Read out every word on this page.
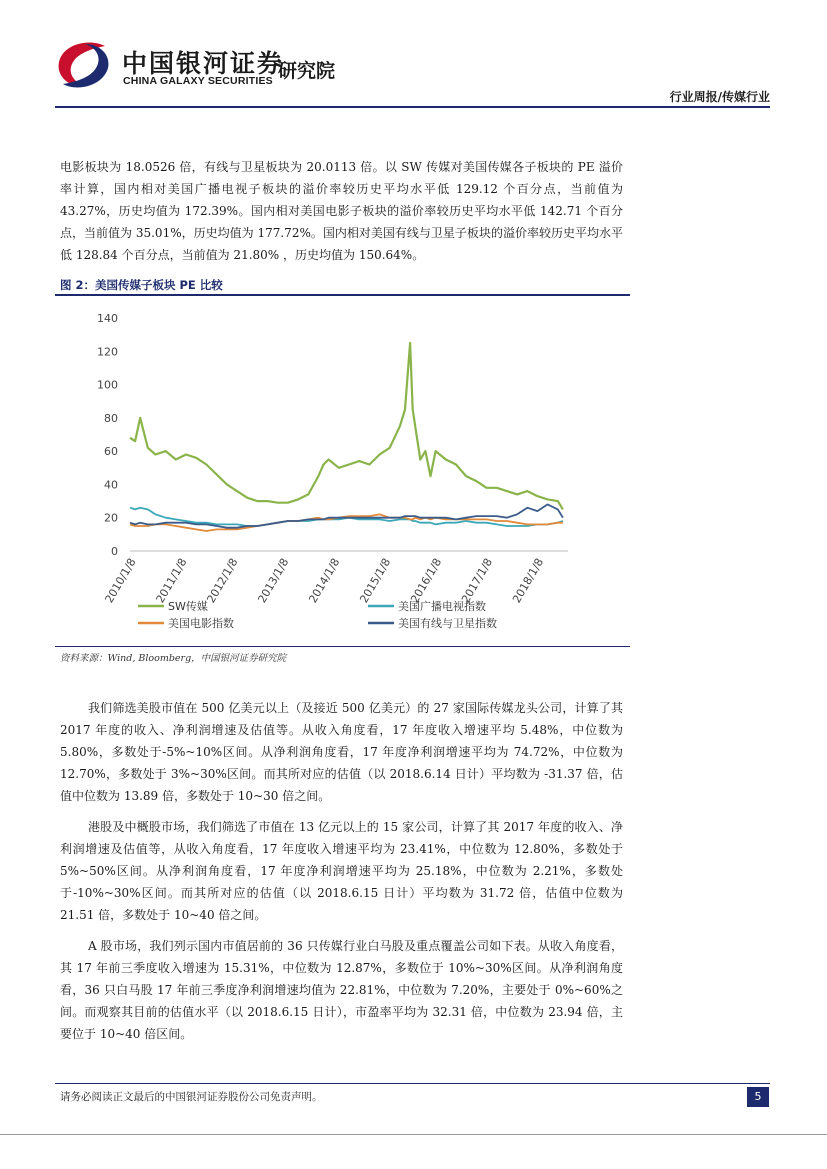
中国银河证券
CHINA GALAXY SECURITIES 研究院
行业周报/传媒行业
电影板块为 18.0526 倍，有线与卫星板块为 20.0113 倍。以 SW 传媒对美国传媒各子板块的 PE 溢价率计算，国内相对美国广播电视子板块的溢价率较历史平均水平低 129.12 个百分点，当前值为 43.27%，历史均值为 172.39%。国内相对美国电影子板块的溢价率较历史平均水平低 142.71 个百分点，当前值为 35.01%，历史均值为 177.72%。国内相对美国有线与卫星子板块的溢价率较历史平均水平低 128.84 个百分点，当前值为 21.80% ，历史均值为 150.64%。
图 2：美国传媒子板块 PE 比较
0
20
40
60
80
100
120
140
2010/1/8 2011/1/8 2012/1/8 2013/1/8 2014/1/8 2015/1/8 2016/1/8 2017/1/8 2018/1/8
SW传媒	美国广播电视指数
美国电影指数	美国有线与卫星指数
资料来源：Wind, Bloomberg，中国银河证券研究院
我们筛选美股市值在 500 亿美元以上（及接近 500 亿美元）的 27 家国际传媒龙头公司，计算了其 2017 年度的收入、净利润增速及估值等。从收入角度看，17 年度收入增速平均 5.48%，中位数为 5.80%，多数处于-5%~10%区间。从净利润角度看，17 年度净利润增速平均为 74.72%，中位数为 12.70%，多数处于 3%~30%区间。而其所对应的估值（以 2018.6.14 日计）平均数为 -31.37 倍，估值中位数为 13.89 倍，多数处于 10~30 倍之间。
港股及中概股市场，我们筛选了市值在 13 亿元以上的 15 家公司，计算了其 2017 年度的收入、净利润增速及估值等，从收入角度看，17 年度收入增速平均为 23.41%，中位数为 12.80%，多数处于 5%~50%区间。从净利润角度看，17 年度净利润增速平均为 25.18%，中位数为 2.21%，多数处于-10%~30%区间。而其所对应的估值（以 2018.6.15 日计）平均数为 31.72 倍，估值中位数为 21.51 倍，多数处于 10~40 倍之间。
A 股市场，我们列示国内市值居前的 36 只传媒行业白马股及重点覆盖公司如下表。从收入角度看，其 17 年前三季度收入增速为 15.31%，中位数为 12.87%，多数位于 10%~30%区间。从净利润角度看，36 只白马股 17 年前三季度净利润增速均值为 22.81%，中位数为 7.20%，主要处于 0%~60%之间。而观察其目前的估值水平（以 2018.6.15 日计），市盈率平均为 32.31 倍，中位数为 23.94 倍，主要位于 10~40 倍区间。
请务必阅读正文最后的中国银河证券股份公司免责声明。	5
